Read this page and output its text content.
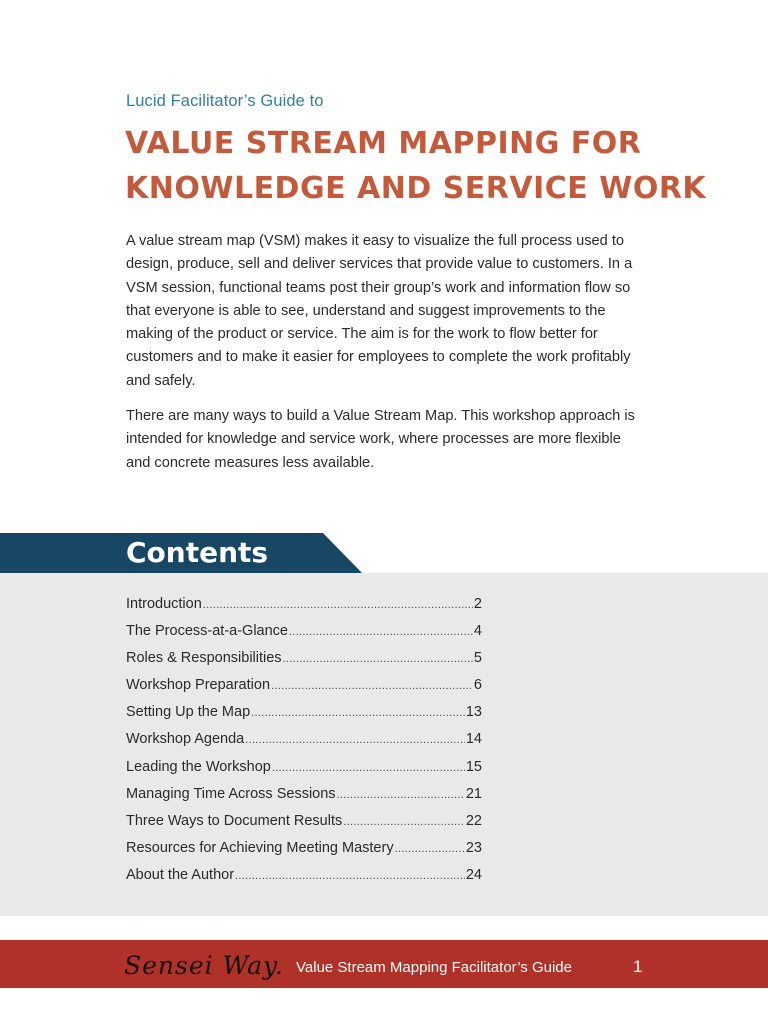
Lucid Facilitator’s Guide to
VALUE STREAM MAPPING FOR
KNOWLEDGE AND SERVICE WORK

A value stream map (VSM) makes it easy to visualize the full process used to design, produce, sell and deliver services that provide value to customers. In a VSM session, functional teams post their group’s work and information flow so that everyone is able to see, understand and suggest improvements to the making of the product or service. The aim is for the work to flow better for customers and to make it easier for employees to complete the work profitably and safely.

There are many ways to build a Value Stream Map. This workshop approach is intended for knowledge and service work, where processes are more flexible and concrete measures less available.

Contents
Introduction .....	2
The Process-at-a-Glance .....	4
Roles & Responsibilities .....	5
Workshop Preparation .....	6
Setting Up the Map .....	13
Workshop Agenda .....	14
Leading the Workshop .....	15
Managing Time Across Sessions .....	21
Three Ways to Document Results .....	22
Resources for Achieving Meeting Mastery .....	23
About the Author .....	24
Sensei Way. Value Stream Mapping Facilitator’s Guide	1
